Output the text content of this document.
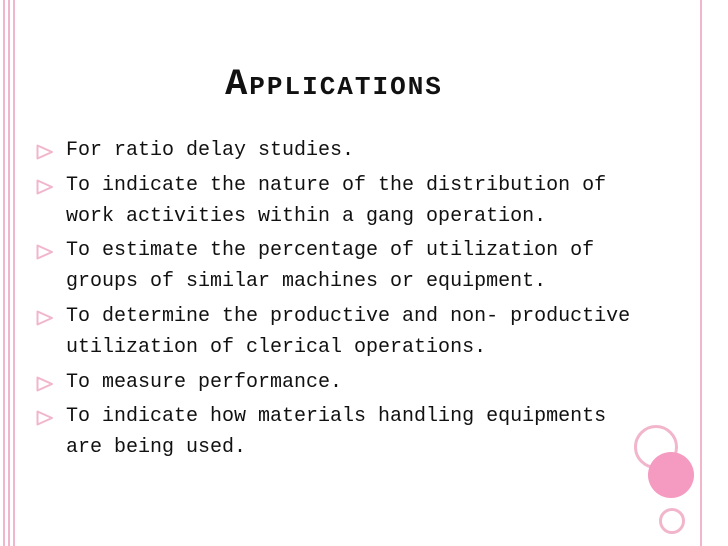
Applications
For ratio delay studies.
To indicate the nature of the distribution of work activities within a gang operation.
To estimate the percentage of utilization of groups of similar machines or equipment.
To determine the productive and non- productive utilization of clerical operations.
To measure performance.
To indicate how materials handling equipments are being used.
